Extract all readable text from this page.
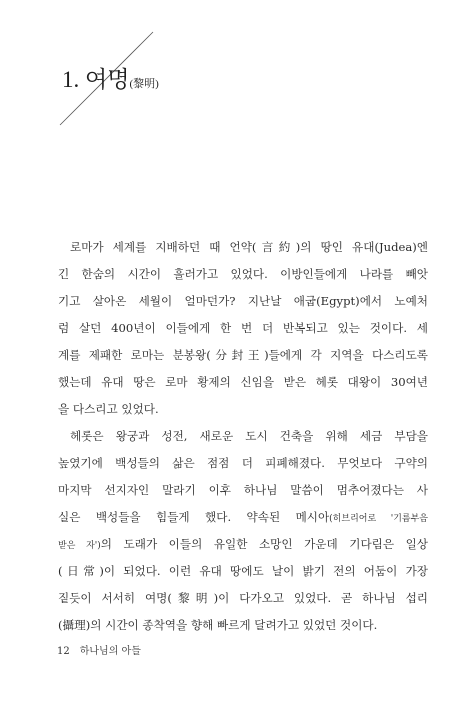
1. 여명(黎明)
로마가 세계를 지배하던 때 언약(言約)의 땅인 유대(Judea)엔
긴 한숨의 시간이 흘러가고 있었다. 이방인들에게 나라를 빼앗
기고 살아온 세월이 얼마던가? 지난날 애굽(Egypt)에서 노예처
럼 살던 400년이 이들에게 한 번 더 반복되고 있는 것이다. 세
계를 제패한 로마는 분봉왕(分封王)들에게 각 지역을 다스리도록
했는데 유대 땅은 로마 황제의 신임을 받은 헤롯 대왕이 30여년
을 다스리고 있었다.
헤롯은 왕궁과 성전, 새로운 도시 건축을 위해 세금 부담을
높였기에 백성들의 삶은 점점 더 피폐해졌다. 무엇보다 구약의
마지막 선지자인 말라기 이후 하나님 말씀이 멈추어졌다는 사
실은 백성들을 힘들게 했다. 약속된 메시아(히브리어로 '기름부음
받은 자')의 도래가 이들의 유일한 소망인 가운데 기다림은 일상
(日常)이 되었다. 이런 유대 땅에도 날이 밝기 전의 어둠이 가장
짙듯이 서서히 여명(黎明)이 다가오고 있었다. 곧 하나님 섭리
(攝理)의 시간이 종착역을 향해 빠르게 달려가고 있었던 것이다.
12 하나님의 아들
